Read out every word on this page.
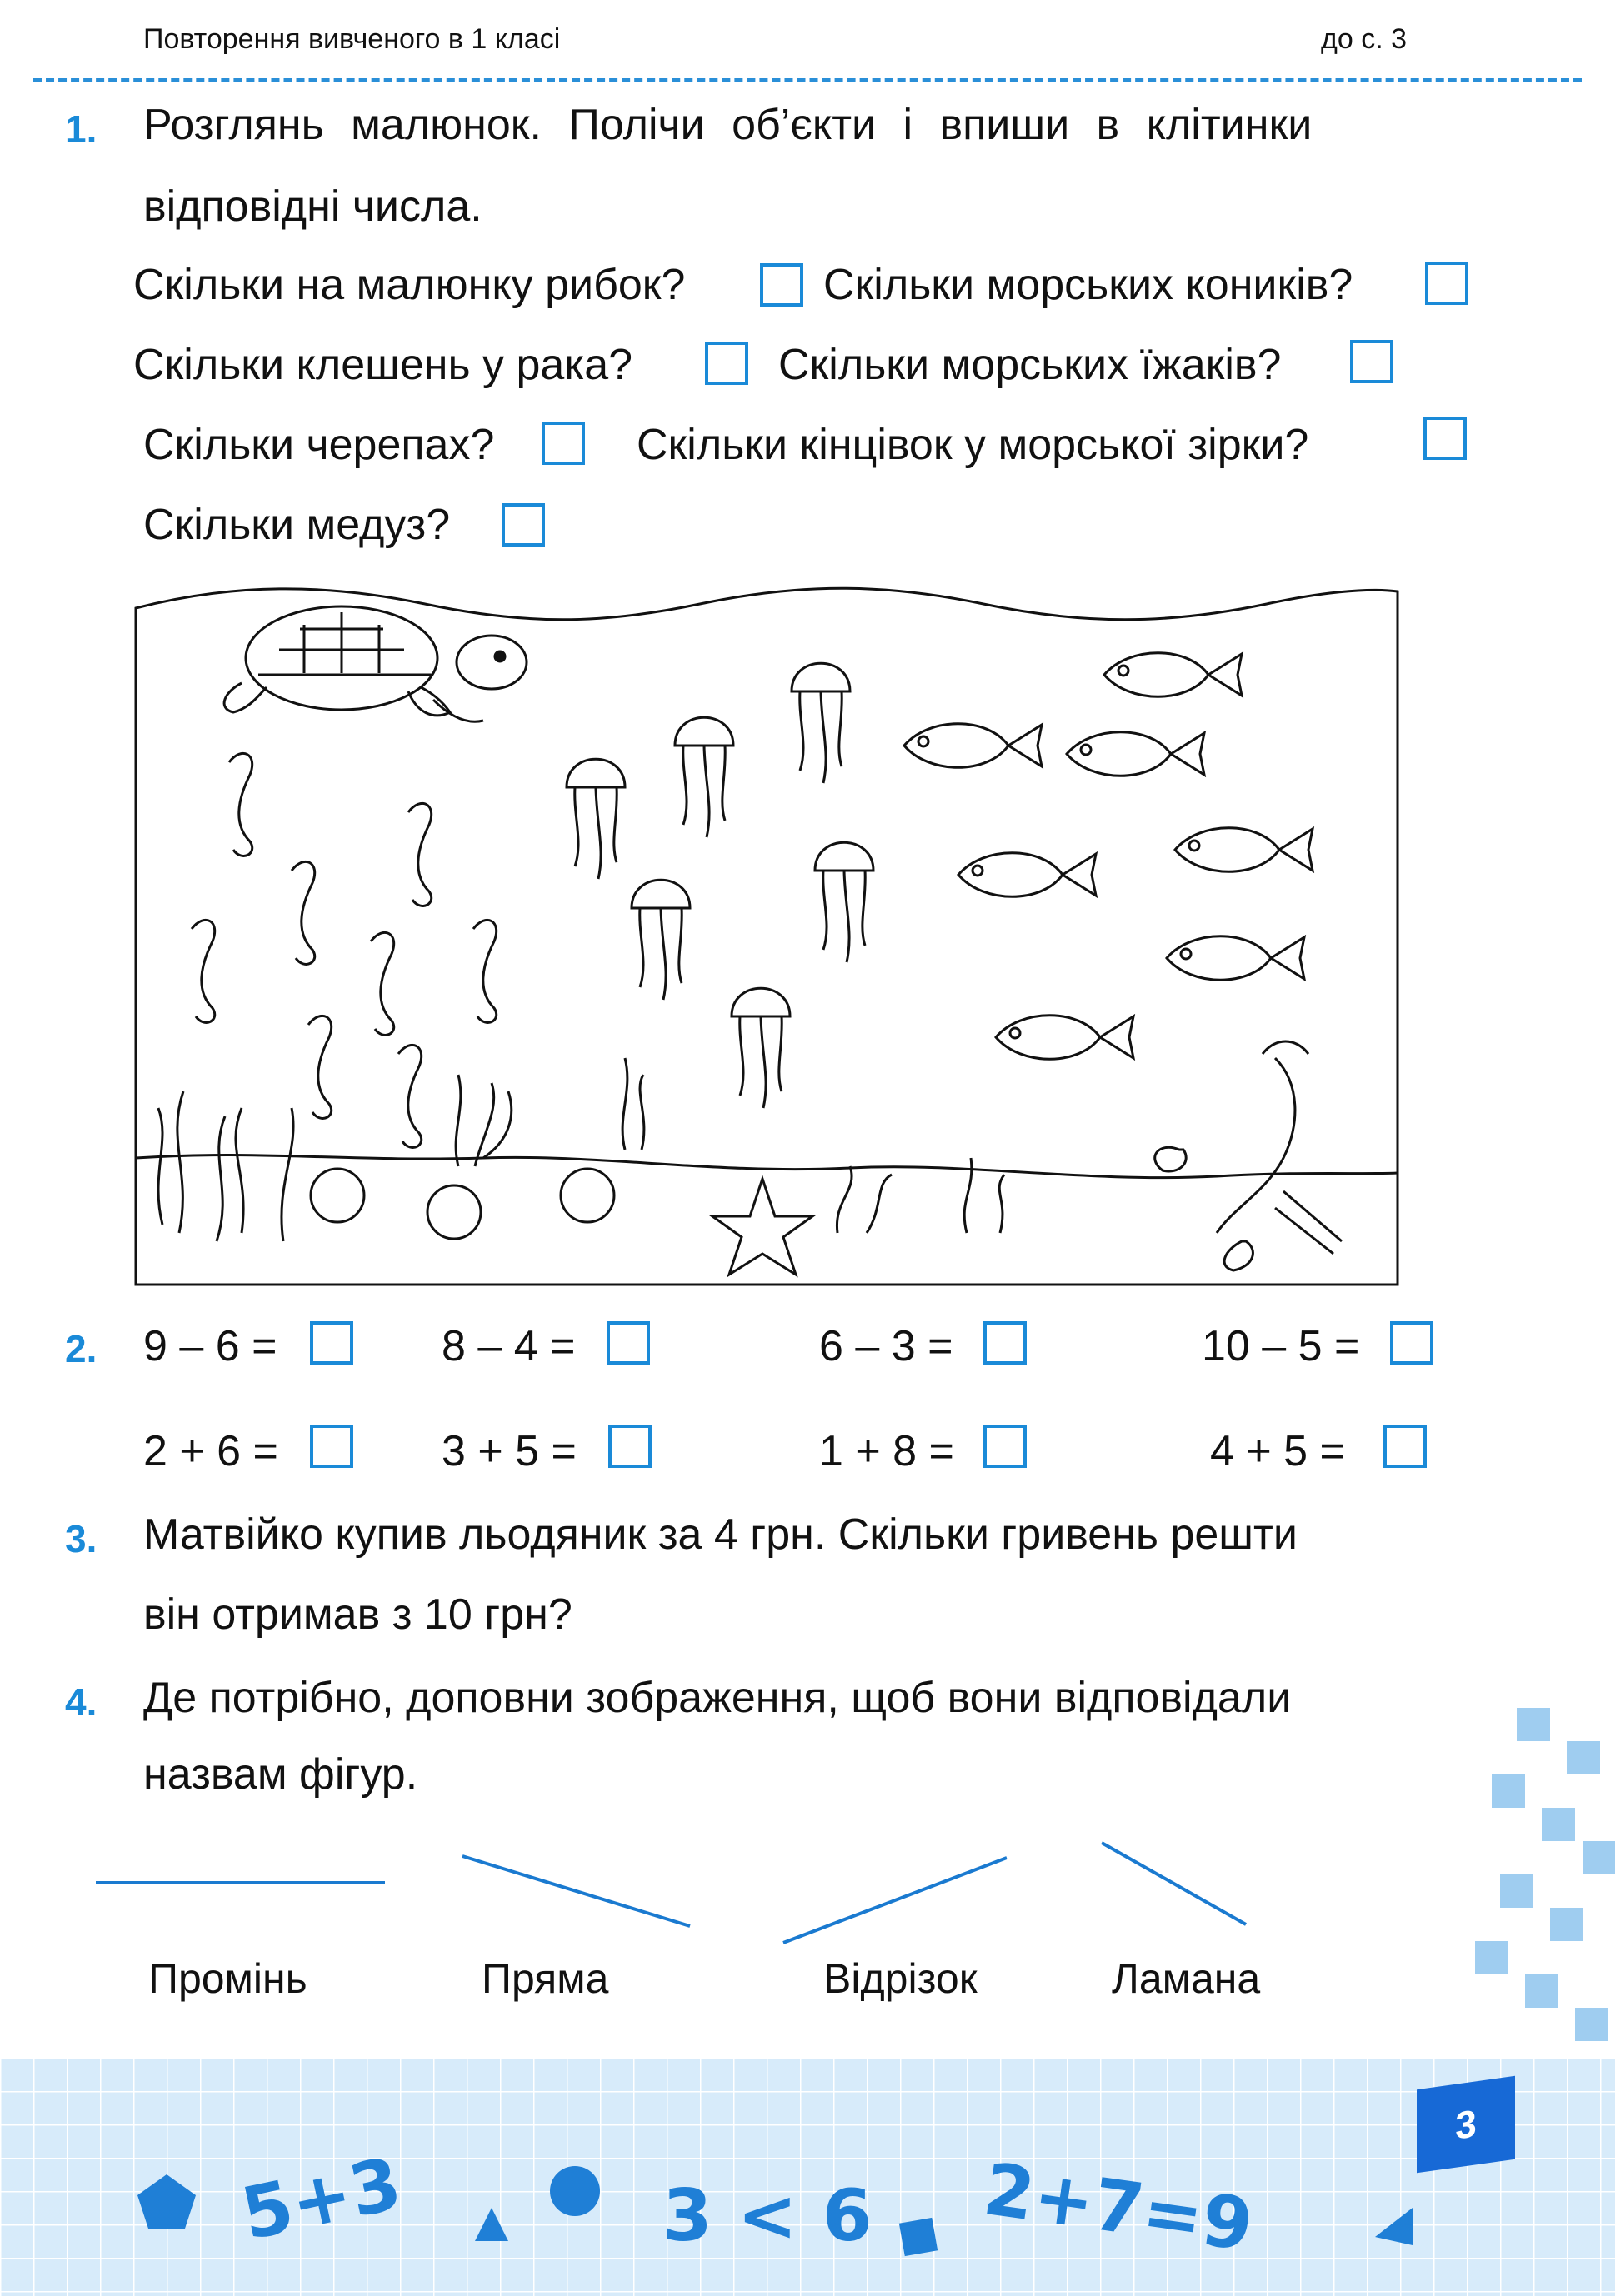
Повторення вивченого в 1 класі	до с. 3
1. Розглянь малюнок. Полічи об’єкти і впиши в клітинки
відповідні числа.
Скільки на малюнку рибок?	Скільки морських коників?
Скільки клешень у рака?	Скільки морських їжаків?
Скільки черепах?	Скільки кінцівок у морської зірки?
Скільки медуз?
2. 9 – 6 =	8 – 4 =	6 – 3 =	10 – 5 =
2 + 6 =	3 + 5 =	1 + 8 =	4 + 5 =
3. Матвійко купив льодяник за 4 грн. Скільки гривень решти
він отримав з 10 грн?
4. Де потрібно, доповни зображення, щоб вони відповідали
назвам фігур.
Промінь	Пряма	Відрізок	Ламана
5+3	3 < 6 2+7=9
3
